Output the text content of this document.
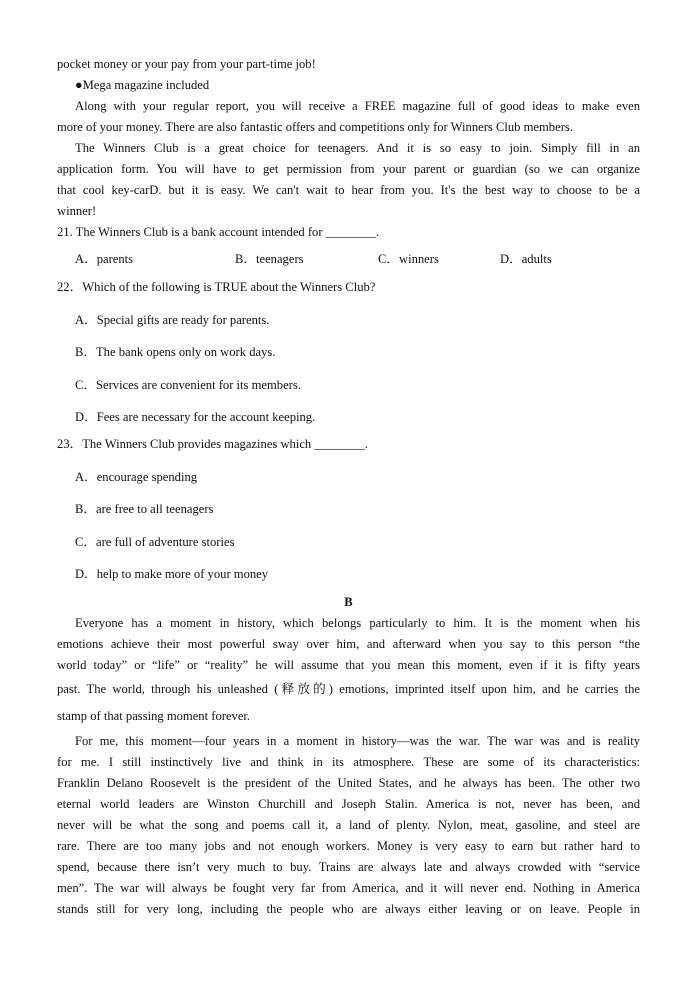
pocket money or your pay from your part-time job!
●Mega magazine included
Along with your regular report, you will receive a FREE magazine full of good ideas to make even
more of your money. There are also fantastic offers and competitions only for Winners Club members.
The Winners Club is a great choice for teenagers. And it is so easy to join. Simply fill in an
application form. You will have to get permission from your parent or guardian (so we can organize
that cool key-carD. but it is easy. We can't wait to hear from you. It's the best way to choose to be a
winner!
21. The Winners Club is a bank account intended for ________.
A．parents	B．teenagers	C．winners	D．adults
22．Which of the following is TRUE about the Winners Club?
A．Special gifts are ready for parents.
B．The bank opens only on work days.
C．Services are convenient for its members.
D．Fees are necessary for the account keeping.
23．The Winners Club provides magazines which ________.
A．encourage spending
B．are free to all teenagers
C．are full of adventure stories
D．help to make more of your money
B
Everyone has a moment in history, which belongs particularly to him. It is the moment when his
emotions achieve their most powerful sway over him, and afterward when you say to this person “the
world today” or “life” or “reality” he will assume that you mean this moment, even if it is fifty years
past. The world, through his unleashed (释放的) emotions, imprinted itself upon him, and he carries the
stamp of that passing moment forever.
For me, this moment—four years in a moment in history—was the war. The war was and is reality
for me. I still instinctively live and think in its atmosphere. These are some of its characteristics:
Franklin Delano Roosevelt is the president of the United States, and he always has been. The other two
eternal world leaders are Winston Churchill and Joseph Stalin. America is not, never has been, and
never will be what the song and poems call it, a land of plenty. Nylon, meat, gasoline, and steel are
rare. There are too many jobs and not enough workers. Money is very easy to earn but rather hard to
spend, because there isn’t very much to buy. Trains are always late and always crowded with “service
men”. The war will always be fought very far from America, and it will never end. Nothing in America
stands still for very long, including the people who are always either leaving or on leave. People in
